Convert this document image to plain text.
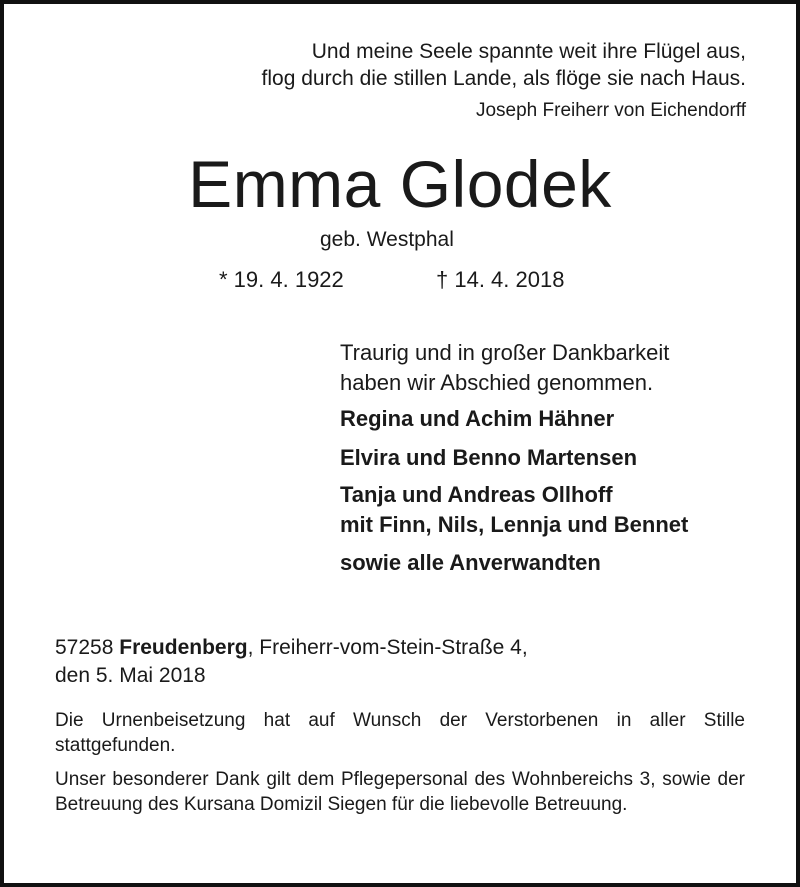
Und meine Seele spannte weit ihre Flügel aus,
flog durch die stillen Lande, als flöge sie nach Haus.
Joseph Freiherr von Eichendorff
Emma Glodek
geb. Westphal
* 19. 4. 1922	† 14. 4. 2018
Traurig und in großer Dankbarkeit
haben wir Abschied genommen.
Regina und Achim Hähner
Elvira und Benno Martensen
Tanja und Andreas Ollhoff
mit Finn, Nils, Lennja und Bennet
sowie alle Anverwandten
57258 Freudenberg, Freiherr-vom-Stein-Straße 4,
den 5. Mai 2018
Die Urnenbeisetzung hat auf Wunsch der Verstorbenen in aller Stille stattgefunden.
Unser besonderer Dank gilt dem Pflegepersonal des Wohnbereichs 3, sowie der Betreuung des Kursana Domizil Siegen für die liebevolle Betreuung.
